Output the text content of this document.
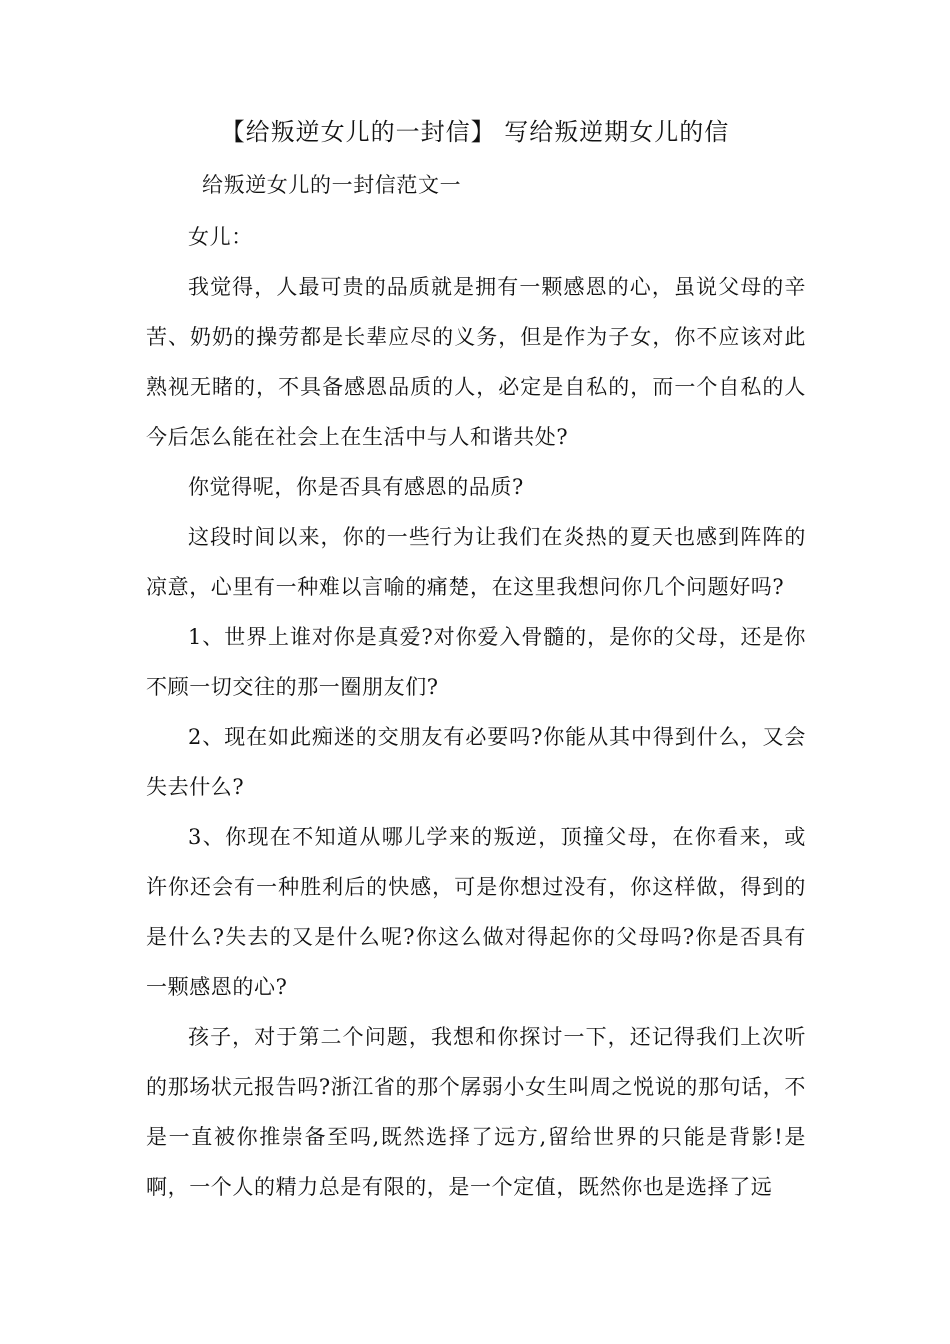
【给叛逆女儿的一封信】 写给叛逆期女儿的信
给叛逆女儿的一封信范文一

女儿：

我觉得，人最可贵的品质就是拥有一颗感恩的心，虽说父母的辛苦、奶奶的操劳都是长辈应尽的义务，但是作为子女，你不应该对此熟视无睹的，不具备感恩品质的人，必定是自私的，而一个自私的人今后怎么能在社会上在生活中与人和谐共处?

你觉得呢，你是否具有感恩的品质?

这段时间以来，你的一些行为让我们在炎热的夏天也感到阵阵的凉意，心里有一种难以言喻的痛楚，在这里我想问你几个问题好吗?

1、世界上谁对你是真爱?对你爱入骨髓的，是你的父母，还是你不顾一切交往的那一圈朋友们?

2、现在如此痴迷的交朋友有必要吗?你能从其中得到什么，又会失去什么?

3、你现在不知道从哪儿学来的叛逆，顶撞父母，在你看来，或许你还会有一种胜利后的快感，可是你想过没有，你这样做，得到的是什么?失去的又是什么呢?你这么做对得起你的父母吗?你是否具有一颗感恩的心?

孩子，对于第二个问题，我想和你探讨一下，还记得我们上次听的那场状元报告吗?浙江省的那个孱弱小女生叫周之悦说的那句话，不是一直被你推崇备至吗,既然选择了远方,留给世界的只能是背影!是啊，一个人的精力总是有限的，是一个定值，既然你也是选择了远
